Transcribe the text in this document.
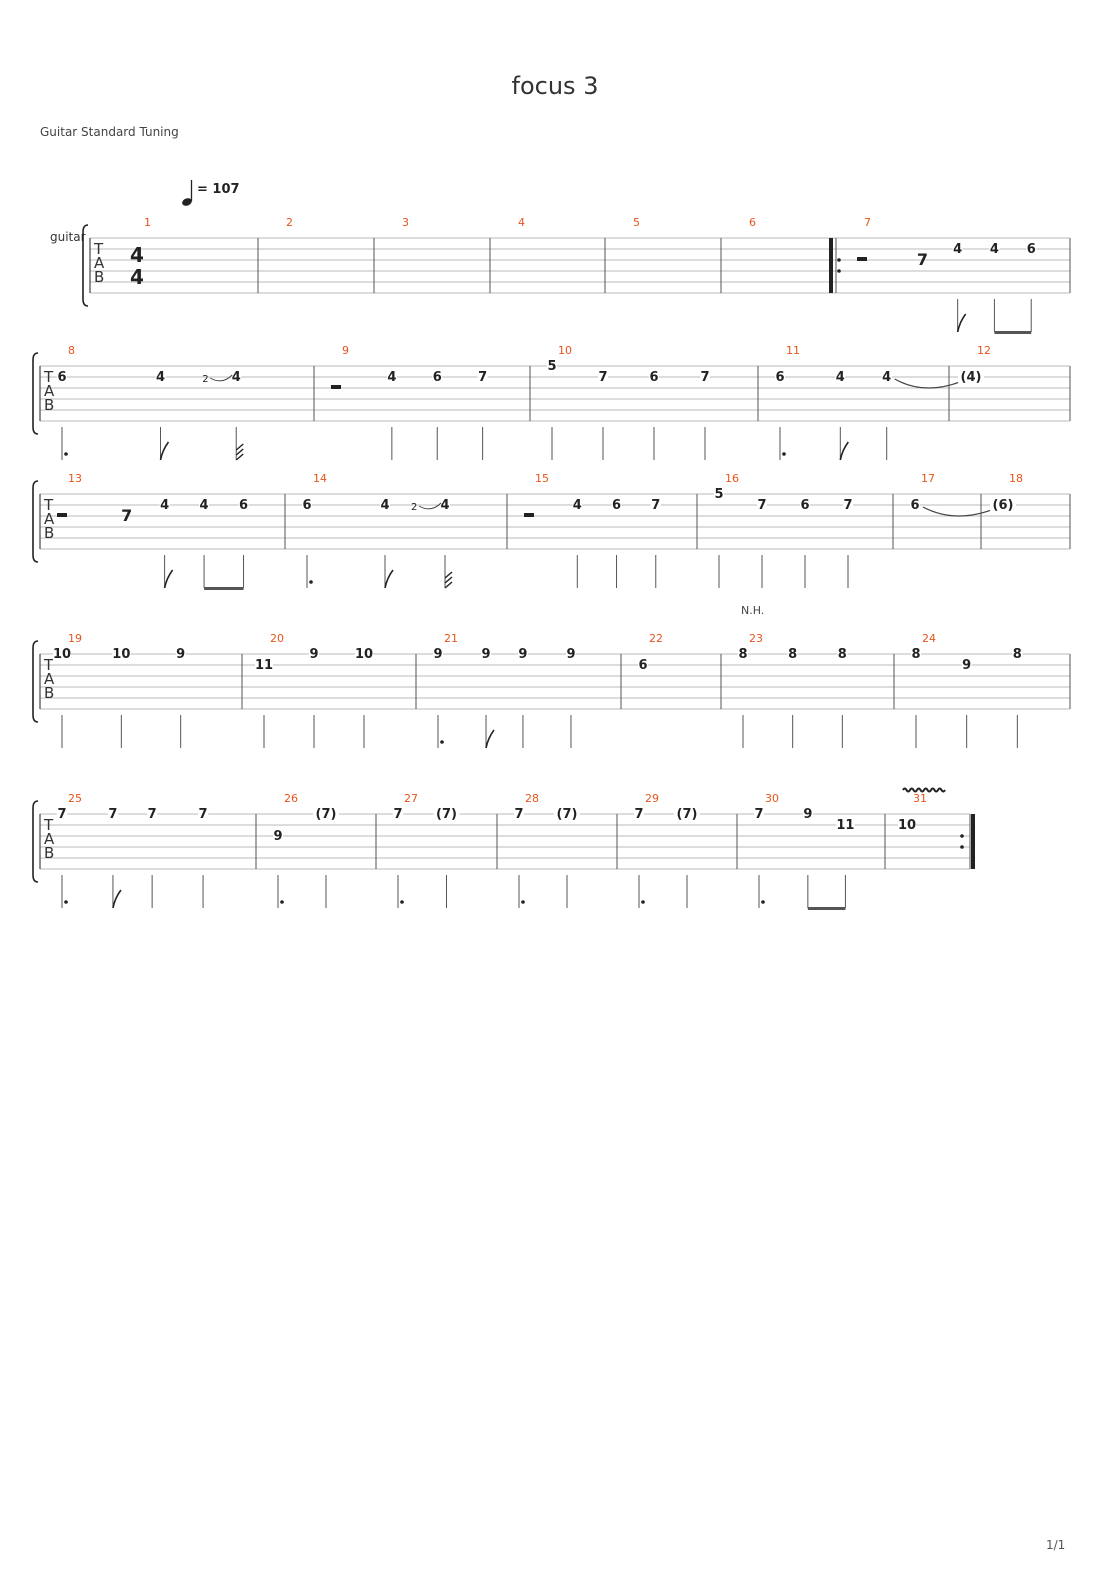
focus 3
Guitar Standard Tuning
1/1
= 107
guitar
T
A
B
4
4
1	2	3	4	5	6	7
7
4 4 6
T
A
B
8
6	4	4
2
9
4	6	7
10
5
7	6	7
11
6	4	4
12
(4)
T
A
B
13
7
4 4 6
14
6	4	4
2
15
4 6 7
16
5
7	6	7
17
6
18
(6)
T
A
B
19
10	10	9
20
11
9	10
21
9	9 9	9
22
6
23
N.H.
8	8	8
24
8
9
8
T
A
B
25
7	7 7	7
26
9
(7)
27
7	(7)
28
7	(7)
29
7	(7)
30
7	9
11
31
10
